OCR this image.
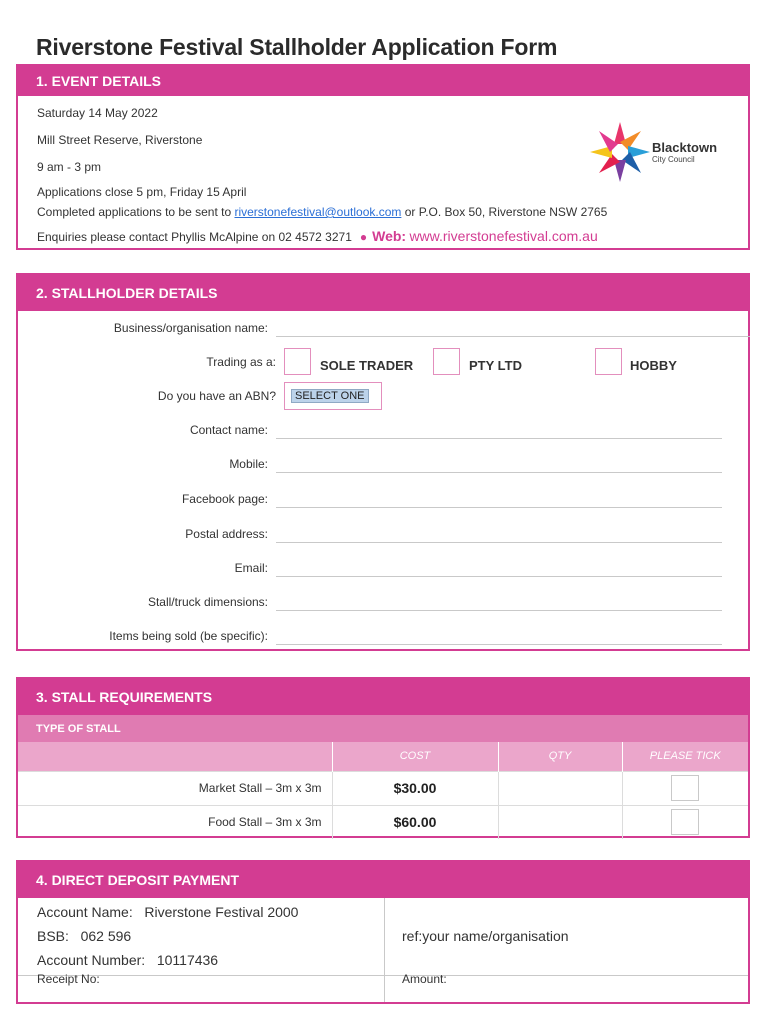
Riverstone Festival Stallholder Application Form
1. EVENT DETAILS
Saturday 14 May 2022
Mill Street Reserve, Riverstone
9 am - 3 pm
Applications close 5 pm, Friday 15 April
Completed applications to be sent to riverstonefestival@outlook.com or P.O. Box 50, Riverstone NSW 2765
Enquiries please contact Phyllis McAlpine on 02 4572 3271 ● Web: www.riverstonefestival.com.au
Blacktown
City Council
2. STALLHOLDER DETAILS
Business/organisation name:
Trading as a:	SOLE TRADER	PTY LTD	HOBBY
Do you have an ABN?	SELECT ONE
Contact name:
Mobile:
Facebook page:
Postal address:
Email:
Stall/truck dimensions:
Items being sold (be specific):
3. STALL REQUIREMENTS
TYPE OF STALL
	COST	QTY	PLEASE TICK
Market Stall – 3m x 3m	$30.00		

Food Stall – 3m x 3m	$60.00		
4. DIRECT DEPOSIT PAYMENT
Account Name: Riverstone Festival 2000
BSB: 062 596
Account Number: 10117436
ref:your name/organisation
Receipt No:	Amount:
